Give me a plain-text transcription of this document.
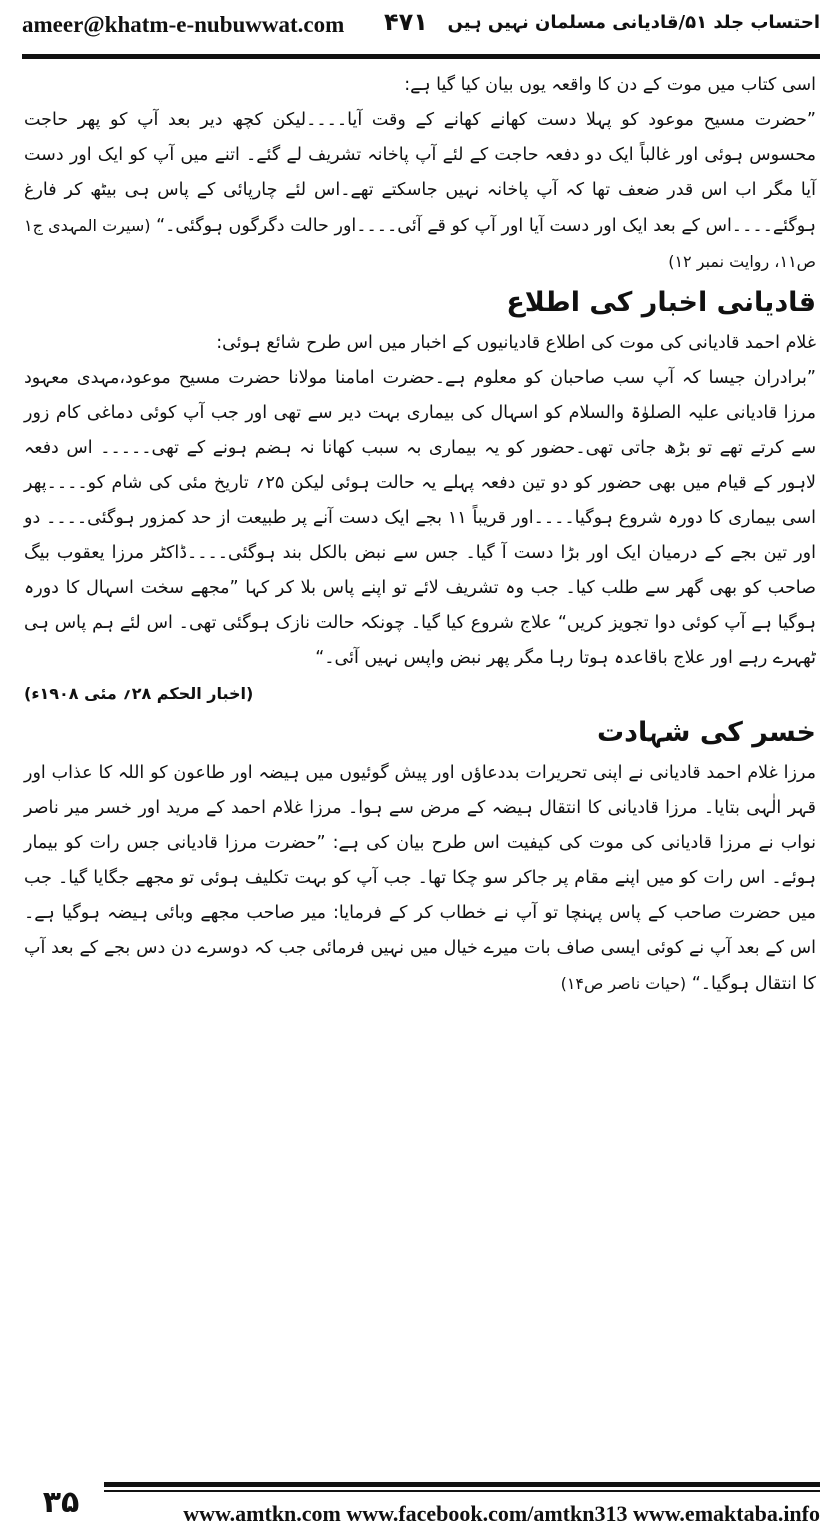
ameer@khatm-e-nubuwwat.com ۴۷۱ احتساب جلد ۵۱/قادیانی مسلمان نہیں ہیں

اسی کتاب میں موت کے دن کا واقعہ یوں بیان کیا گیا ہے:

”حضرت مسیح موعود کو پہلا دست کھانے کھانے کے وقت آیا۔۔۔۔لیکن کچھ دیر بعد آپ کو پھر حاجت محسوس ہوئی اور غالباً ایک دو دفعہ حاجت کے لئے آپ پاخانہ تشریف لے گئے۔ اتنے میں آپ کو ایک اور دست آیا مگر اب اس قدر ضعف تھا کہ آپ پاخانہ نہیں جاسکتے تھے۔اس لئے چارپائی کے پاس ہی بیٹھ کر فارغ ہوگئے۔۔۔۔اس کے بعد ایک اور دست آیا اور آپ کو قے آئی۔۔۔۔اور حالت دگرگوں ہوگئی۔“ (سیرت المہدی ج۱ ص۱۱، روایت نمبر ۱۲)

قادیانی اخبار کی اطلاع

غلام احمد قادیانی کی موت کی اطلاع قادیانیوں کے اخبار میں اس طرح شائع ہوئی:

”برادران جیسا کہ آپ سب صاحبان کو معلوم ہے۔حضرت امامنا مولانا حضرت مسیح موعود،مہدی معہود مرزا قادیانی علیہ الصلوٰۃ والسلام کو اسہال کی بیماری بہت دیر سے تھی اور جب آپ کوئی دماغی کام زور سے کرتے تھے تو بڑھ جاتی تھی۔حضور کو یہ بیماری بہ سبب کھانا نہ ہضم ہونے کے تھی۔۔۔۔۔ اس دفعہ لاہور کے قیام میں بھی حضور کو دو تین دفعہ پہلے یہ حالت ہوئی لیکن ۲۵؍ تاریخ مئی کی شام کو۔۔۔۔پھر اسی بیماری کا دورہ شروع ہوگیا۔۔۔۔اور قریباً ۱۱ بجے ایک دست آنے پر طبیعت از حد کمزور ہوگئی۔۔۔۔ دو اور تین بجے کے درمیان ایک اور بڑا دست آ گیا۔ جس سے نبض بالکل بند ہوگئی۔۔۔۔ڈاکٹر مرزا یعقوب بیگ صاحب کو بھی گھر سے طلب کیا۔ جب وہ تشریف لائے تو اپنے پاس بلا کر کہا ”مجھے سخت اسہال کا دورہ ہوگیا ہے آپ کوئی دوا تجویز کریں“ علاج شروع کیا گیا۔ چونکہ حالت نازک ہوگئی تھی۔ اس لئے ہم پاس ہی ٹھہرے رہے اور علاج باقاعدہ ہوتا رہا مگر پھر نبض واپس نہیں آئی۔“

(اخبار الحکم ۲۸؍ مئی ۱۹۰۸ء)

خسر کی شہادت

مرزا غلام احمد قادیانی نے اپنی تحریرات بددعاؤں اور پیش گوئیوں میں ہیضہ اور طاعون کو اللہ کا عذاب اور قہر الٰہی بتایا۔ مرزا قادیانی کا انتقال ہیضہ کے مرض سے ہوا۔ مرزا غلام احمد کے مرید اور خسر میر ناصر نواب نے مرزا قادیانی کی موت کی کیفیت اس طرح بیان کی ہے: ”حضرت مرزا قادیانی جس رات کو بیمار ہوئے۔ اس رات کو میں اپنے مقام پر جاکر سو چکا تھا۔ جب آپ کو بہت تکلیف ہوئی تو مجھے جگایا گیا۔ جب میں حضرت صاحب کے پاس پہنچا تو آپ نے خطاب کر کے فرمایا: میر صاحب مجھے وبائی ہیضہ ہوگیا ہے۔ اس کے بعد آپ نے کوئی ایسی صاف بات میرے خیال میں نہیں فرمائی جب کہ دوسرے دن دس بجے کے بعد آپ کا انتقال ہوگیا۔“ (حیات ناصر ص۱۴)

۳۵	www.amtkn.com www.facebook.com/amtkn313 www.emaktaba.info
